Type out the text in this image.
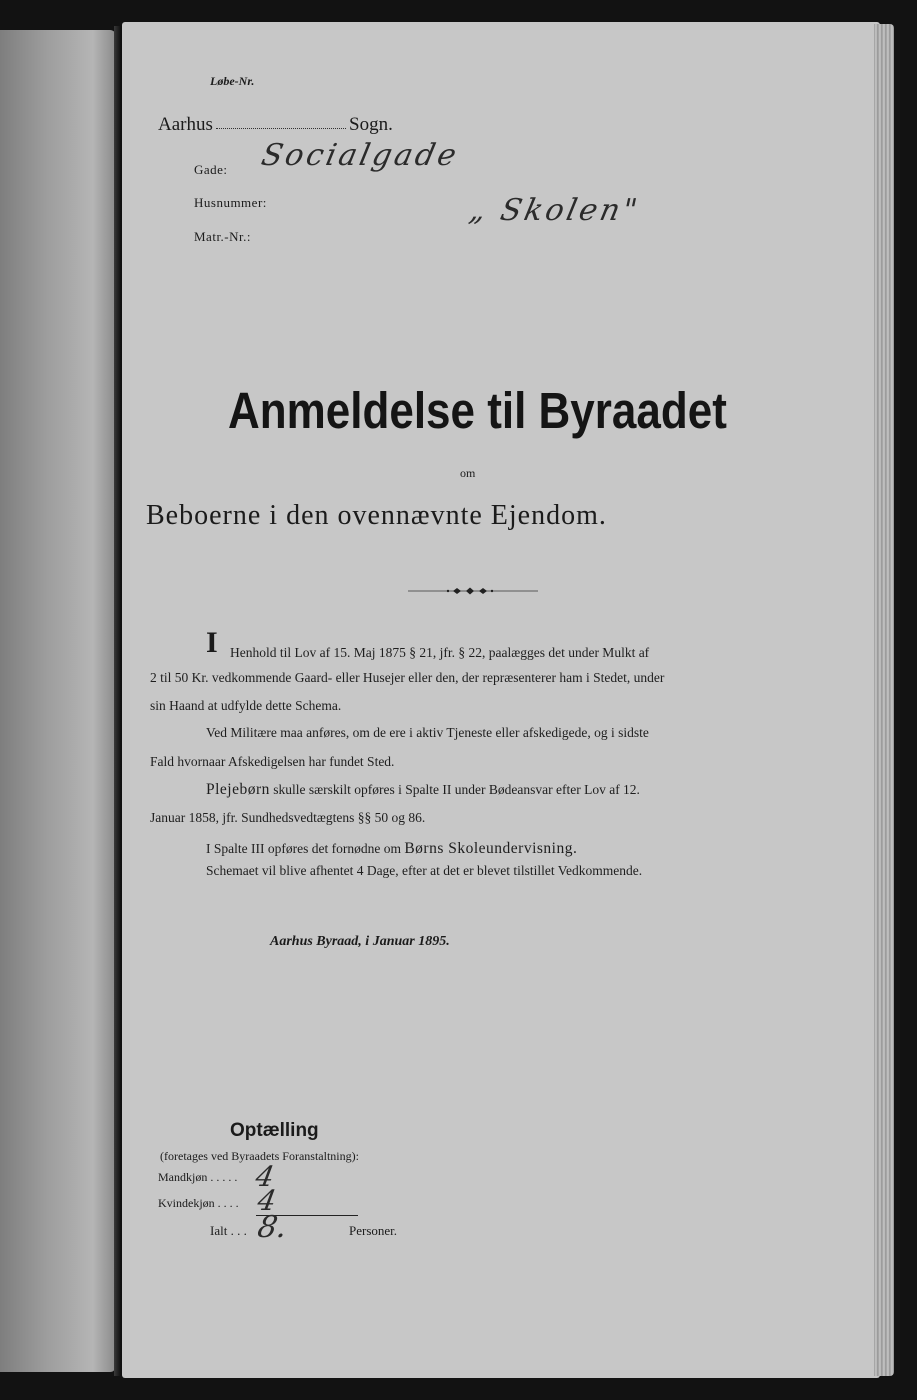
Løbe-Nr.
Aarhus	Sogn.
Gade: Socialgade
Husnummer:
Matr.-Nr.:
„ Skolen"
Anmeldelse til Byraadet
om
Beboerne i den ovennævnte Ejendom.
I Henhold til Lov af 15. Maj 1875 § 21, jfr. § 22, paalægges det under Mulkt af
2 til 50 Kr. vedkommende Gaard- eller Husejer eller den, der repræsenterer ham i Stedet, under
sin Haand at udfylde dette Schema.
Ved Militære maa anføres, om de ere i aktiv Tjeneste eller afskedigede, og i sidste
Fald hvornaar Afskedigelsen har fundet Sted.
Plejebørn skulle særskilt opføres i Spalte II under Bødeansvar efter Lov af 12.
Januar 1858, jfr. Sundhedsvedtægtens §§ 50 og 86.
I Spalte III opføres det fornødne om Børns Skoleundervisning.
Schemaet vil blive afhentet 4 Dage, efter at det er blevet tilstillet Vedkommende.
Aarhus Byraad, i Januar 1895.
Optælling
(foretages ved Byraadets Foranstaltning):
Mandkjøn . . . . . 4
Kvindekjøn . . . . 4
Ialt . . . 8.	Personer.
